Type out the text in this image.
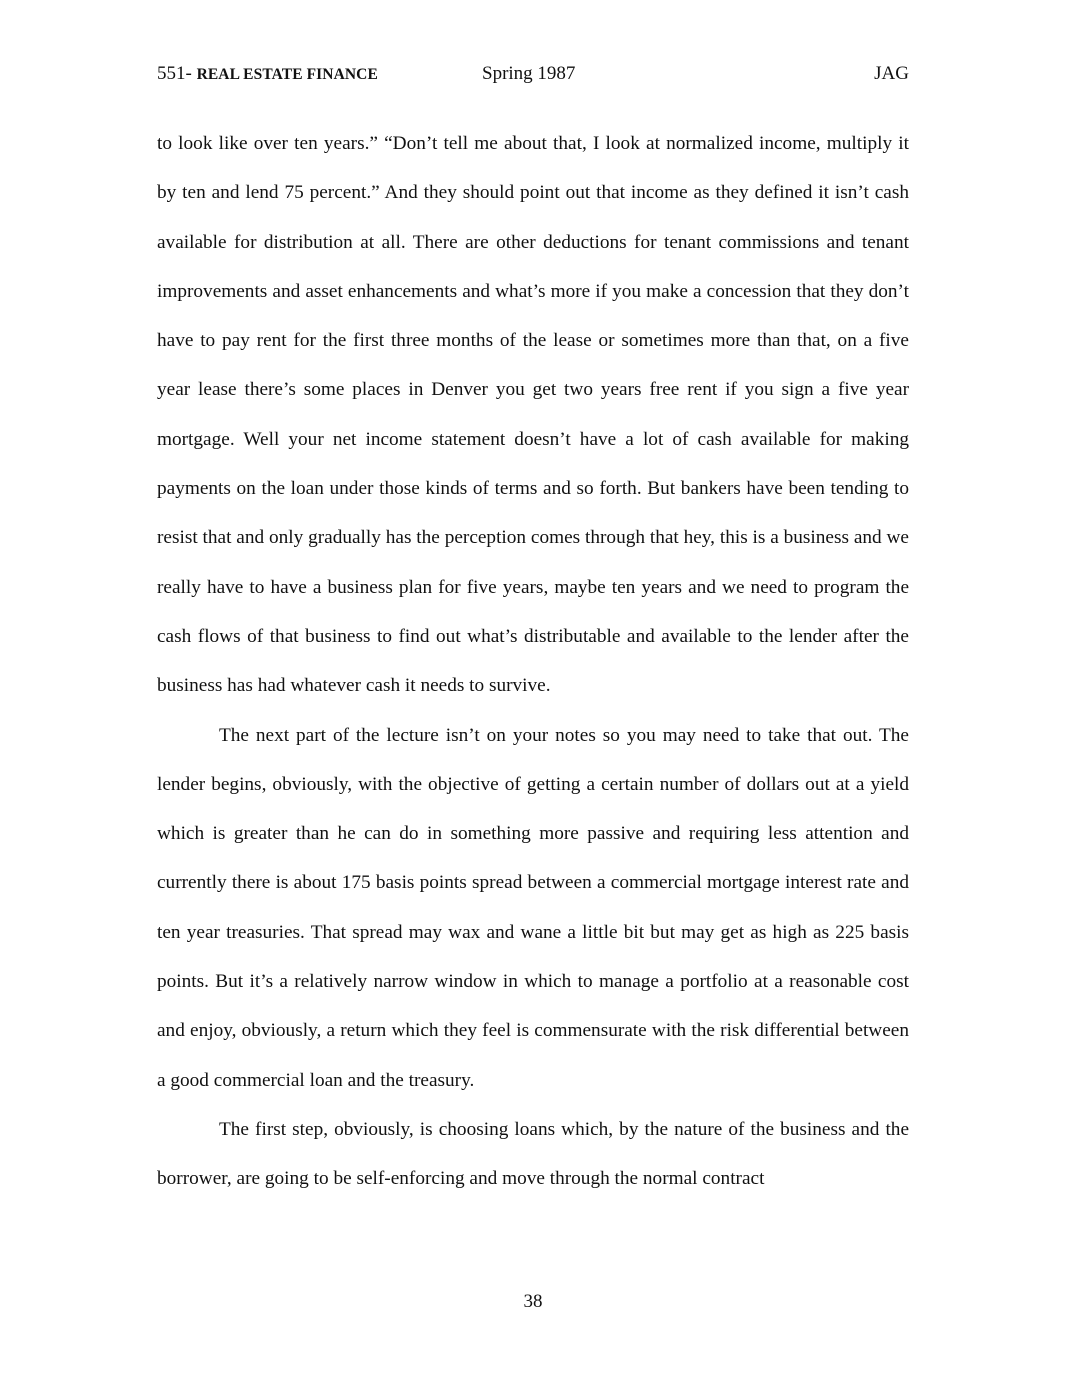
551- REAL ESTATE FINANCE	Spring 1987	JAG

to look like over ten years.” “Don’t tell me about that, I look at normalized income, multiply it by ten and lend 75 percent.” And they should point out that income as they defined it isn’t cash available for distribution at all. There are other deductions for tenant commissions and tenant improvements and asset enhancements and what’s more if you make a concession that they don’t have to pay rent for the first three months of the lease or sometimes more than that, on a five year lease there’s some places in Denver you get two years free rent if you sign a five year mortgage. Well your net income statement doesn’t have a lot of cash available for making payments on the loan under those kinds of terms and so forth. But bankers have been tending to resist that and only gradually has the perception comes through that hey, this is a business and we really have to have a business plan for five years, maybe ten years and we need to program the cash flows of that business to find out what’s distributable and available to the lender after the business has had whatever cash it needs to survive.

The next part of the lecture isn’t on your notes so you may need to take that out. The lender begins, obviously, with the objective of getting a certain number of dollars out at a yield which is greater than he can do in something more passive and requiring less attention and currently there is about 175 basis points spread between a commercial mortgage interest rate and ten year treasuries. That spread may wax and wane a little bit but may get as high as 225 basis points. But it’s a relatively narrow window in which to manage a portfolio at a reasonable cost and enjoy, obviously, a return which they feel is commensurate with the risk differential between a good commercial loan and the treasury.

The first step, obviously, is choosing loans which, by the nature of the business and the borrower, are going to be self-enforcing and move through the normal contract

38
